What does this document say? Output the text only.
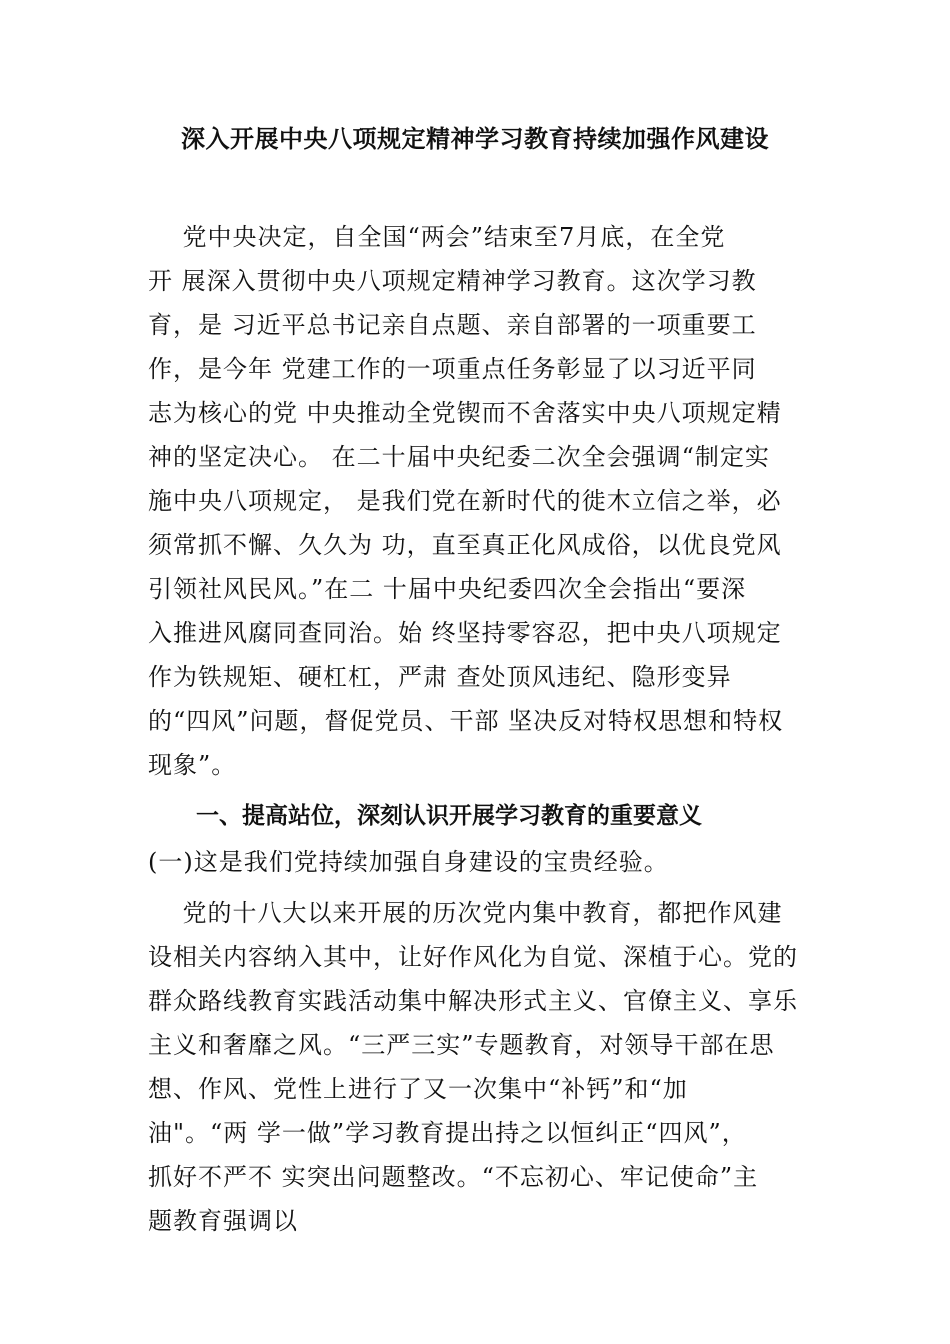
深入开展中央八项规定精神学习教育持续加强作风建设
党中央决定，自全国“两会”结束至7月底，在全党
开 展深入贯彻中央八项规定精神学习教育。这次学习教
育，是 习近平总书记亲自点题、亲自部署的一项重要工
作，是今年 党建工作的一项重点任务彰显了以习近平同
志为核心的党 中央推动全党锲而不舍落实中央八项规定精
神的坚定决心。 在二十届中央纪委二次全会强调“制定实
施中央八项规定， 是我们党在新时代的徙木立信之举，必
须常抓不懈、久久为 功，直至真正化风成俗，以优良党风
引领社风民风。”在二 十届中央纪委四次全会指出“要深
入推进风腐同查同治。始 终坚持零容忍，把中央八项规定
作为铁规矩、硬杠杠，严肃 查处顶风违纪、隐形变异
的“四风”问题，督促党员、干部 坚决反对特权思想和特权
现象”。
一、提高站位，深刻认识开展学习教育的重要意义
(一)这是我们党持续加强自身建设的宝贵经验。
党的十八大以来开展的历次党内集中教育，都把作风建
设相关内容纳入其中，让好作风化为自觉、深植于心。党的
群众路线教育实践活动集中解决形式主义、官僚主义、享乐
主义和奢靡之风。“三严三实”专题教育，对领导干部在思
想、作风、党性上进行了又一次集中“补钙”和“加
油"。“两 学一做”学习教育提出持之以恒纠正“四风”，
抓好不严不 实突出问题整改。“不忘初心、牢记使命”主
题教育强调以
